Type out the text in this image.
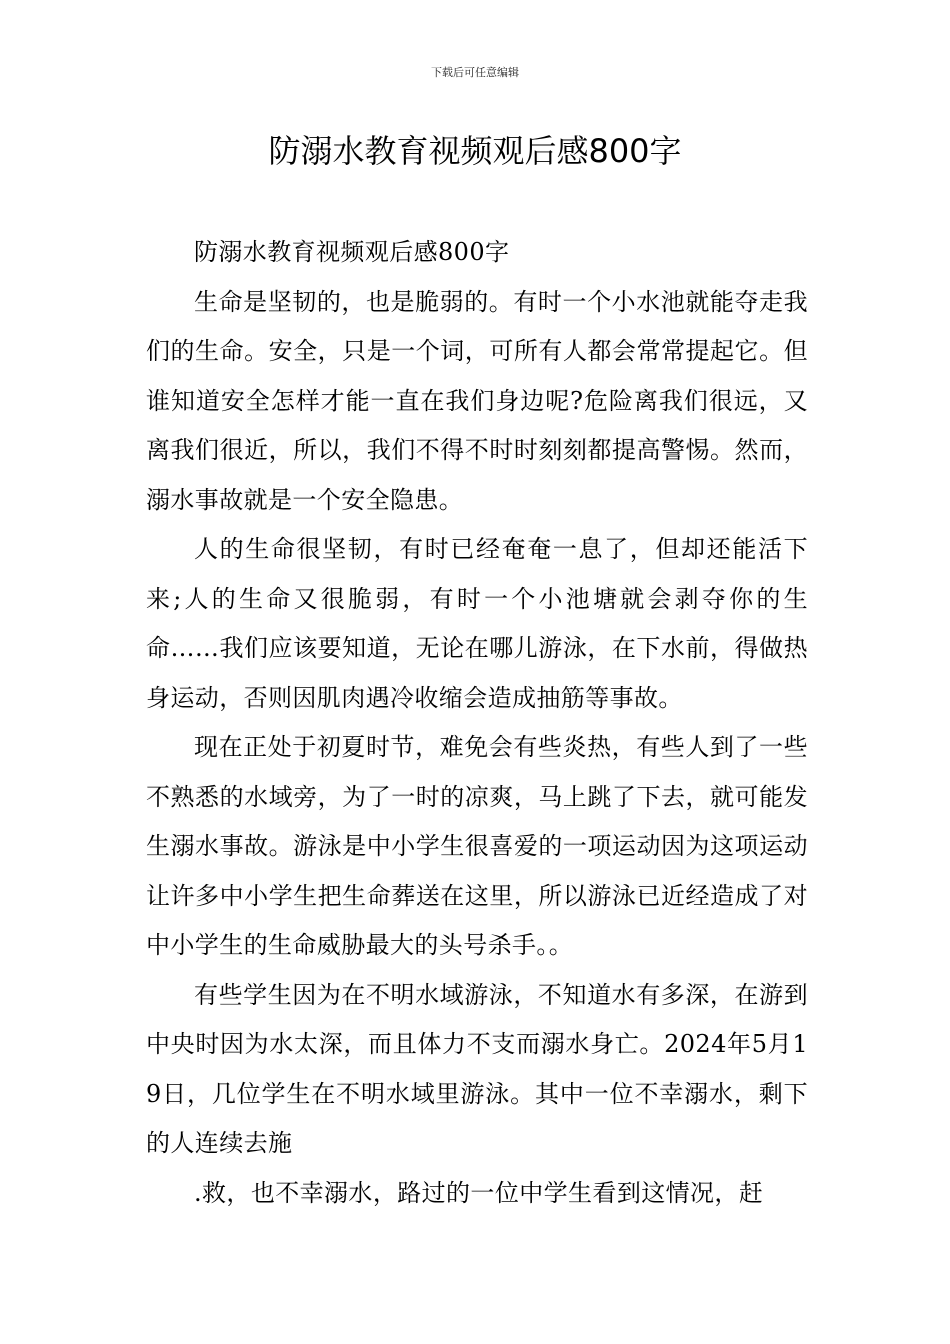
下载后可任意编辑
防溺水教育视频观后感800字

防溺水教育视频观后感800字

生命是坚韧的，也是脆弱的。有时一个小水池就能夺走我们的生命。安全，只是一个词，可所有人都会常常提起它。但谁知道安全怎样才能一直在我们身边呢?危险离我们很远，又离我们很近，所以，我们不得不时时刻刻都提高警惕。然而，溺水事故就是一个安全隐患。

人的生命很坚韧，有时已经奄奄一息了，但却还能活下来;人的生命又很脆弱，有时一个小池塘就会剥夺你的生命……我们应该要知道，无论在哪儿游泳，在下水前，得做热身运动，否则因肌肉遇冷收缩会造成抽筋等事故。

现在正处于初夏时节，难免会有些炎热，有些人到了一些不熟悉的水域旁，为了一时的凉爽，马上跳了下去，就可能发生溺水事故。游泳是中小学生很喜爱的一项运动因为这项运动让许多中小学生把生命葬送在这里，所以游泳已近经造成了对中小学生的生命威胁最大的头号杀手。。

有些学生因为在不明水域游泳，不知道水有多深，在游到中央时因为水太深，而且体力不支而溺水身亡。2024年5月19日，几位学生在不明水域里游泳。其中一位不幸溺水，剩下的人连续去施

.救，也不幸溺水，路过的一位中学生看到这情况，赶
